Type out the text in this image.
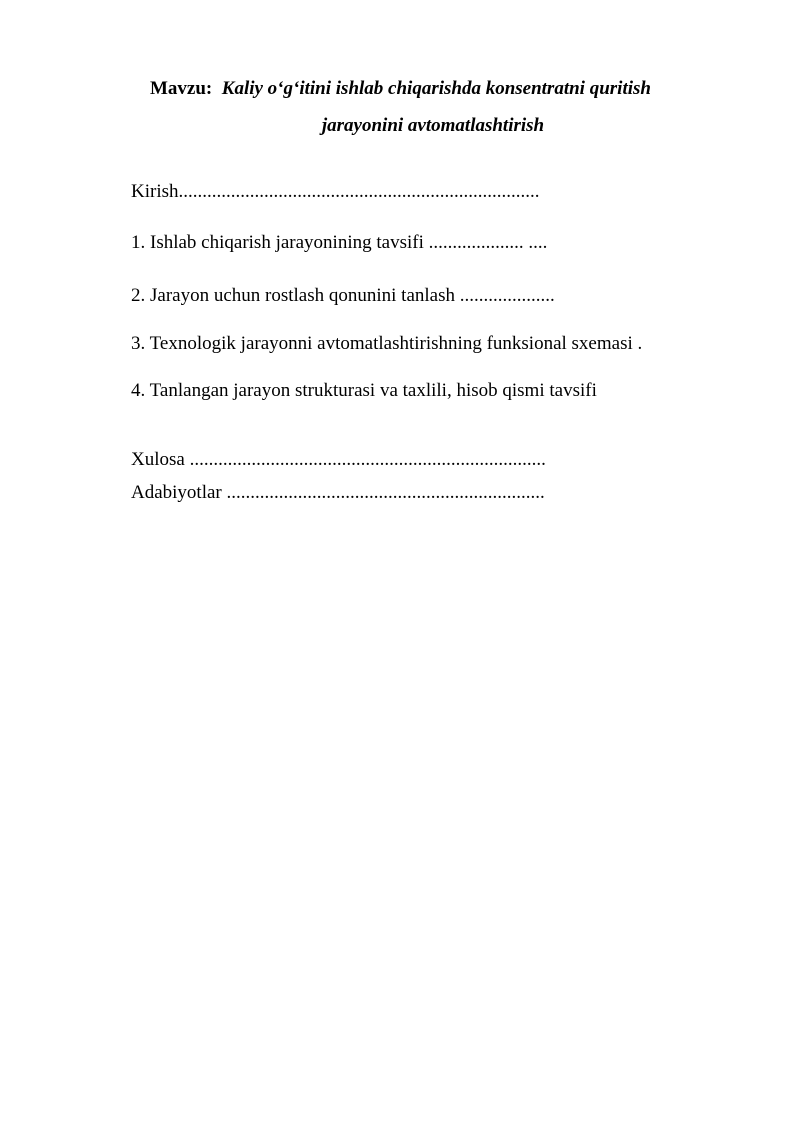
Mavzu: Kaliy o‘g‘itini ishlab chiqarishda konsentratni quritish
jarayonini avtomatlashtirish
Kirish............................................................................
1. Ishlab chiqarish jarayonining tavsifi .................... ....
2. Jarayon uchun rostlash qonunini tanlash ....................
3. Texnologik jarayonni avtomatlashtirishning funksional sxemasi .
4. Tanlangan jarayon strukturasi va taxlili, hisob qismi tavsifi
Xulosa ...........................................................................
Adabiyotlar ...................................................................
